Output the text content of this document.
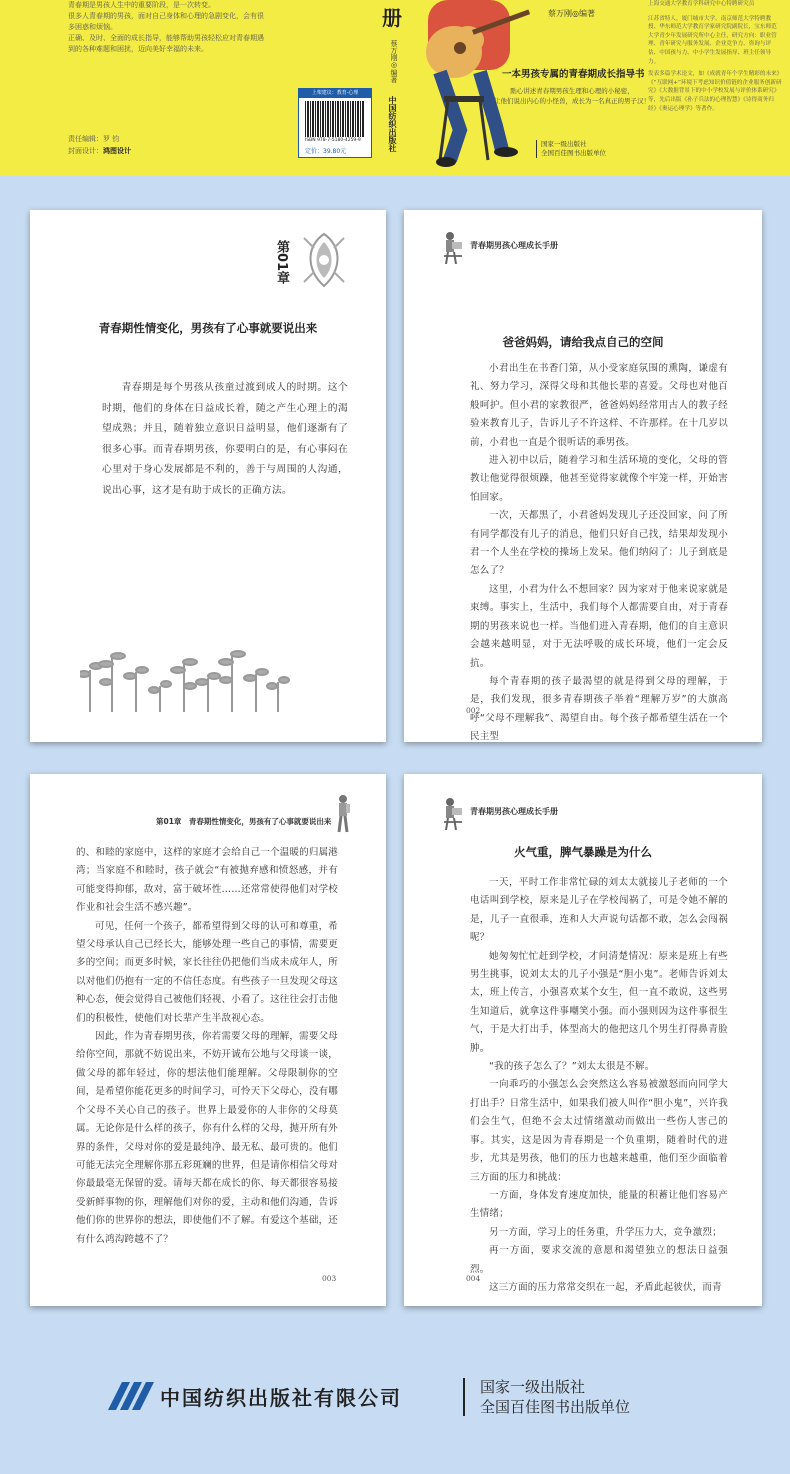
青春期是男孩人生中的重要阶段，是一次转变。
很多人青春期的男孩，面对自己身体和心理的急剧变化，会有很多困惑和烦恼。
正确、及时、全面的成长指导，能够帮助男孩轻松应对青春期遇到的各种难题和困扰，迈向美好幸福的未来。
责任编辑：罗 钧
封面设计：鸿图设计
上架建议：教育·心理
ISBN 978-7-5180-4259-9
定价：39.80元
册
蔡万刚◎编著
中国纺织出版社
蔡万刚◎编著
一本男孩专属的青春期成长指导书
點心讲述青春期男孩生理和心理的小秘密，
让他们说出内心的小怪兽，成长为一名真正的男子汉！
国家一级出版社
全国百佳图书出版单位
上海交通大学教育学科研究中心特聘研究员
江苏省特人，厦门城市大学、南京师范大学特聘教授、华东师范大学教育学家研究院副院长，宝东师范大学青少年发展研究所中心主任，研究方向：职业管理、青年研究与服务发展、企业竞争力、咨询与评估、中国孩与力、中小学生发展指导、班主任领导力。
发表多篇学术论文，如《成就青年个学生精彩的未来》《“互联网+”环境下考虑知识价值链的企业服务创新研究》《大数据背景下的中小学校发展与评价体系研究》等，先后出版《孙子兵法的心理智慧》《诗得商务归经》《奥运心理学》等著作。
第01章
青春期性情变化，男孩有了心事就要说出来

青春期是每个男孩从孩童过渡到成人的时期。这个时期，他们的身体在日益成长着，随之产生心理上的渴望成熟；并且，随着独立意识日益明显，他们逐渐有了很多心事。而青春期男孩，你要明白的是，有心事闷在心里对于身心发展都是不利的，善于与周围的人沟通，说出心事，这才是有助于成长的正确方法。

青春期男孩心理成长手册
爸爸妈妈，请给我点自己的空间

小君出生在书香门第，从小受家庭氛围的熏陶，谦虚有礼、努力学习，深得父母和其他长辈的喜爱。父母也对他百般呵护。但小君的家教很严，爸爸妈妈经常用古人的教子经验来教育儿子，告诉儿子不许这样、不许那样。在十几岁以前，小君也一直是个很听话的乖男孩。

进入初中以后，随着学习和生活环境的变化，父母的管教让他觉得很烦躁，他甚至觉得家就像个牢笼一样，开始害怕回家。

一次，天都黑了，小君爸妈发现儿子还没回家，问了所有同学都没有儿子的消息，他们只好自己找，结果却发现小君一个人坐在学校的操场上发呆。他们纳闷了：儿子到底是怎么了？

这里，小君为什么不想回家？因为家对于他来说家就是束缚。事实上，生活中，我们每个人都需要自由，对于青春期的男孩来说也一样。当他们进入青春期，他们的自主意识会越来越明显，对于无法呼吸的成长环境，他们一定会反抗。

每个青春期的孩子最渴望的就是得到父母的理解，于是，我们发现，很多青春期孩子举着“理解万岁”的大旗高呼“父母不理解我”、渴望自由。每个孩子都希望生活在一个民主型

002
第01章　青春期性情变化，男孩有了心事就要说出来

的、和睦的家庭中，这样的家庭才会给自己一个温暖的归属港湾；当家庭不和睦时，孩子就会“有被抛弃感和愤怒感，并有可能变得抑郁，敌对，富于破坏性……还常常使得他们对学校作业和社会生活不感兴趣”。

可见，任何一个孩子，都希望得到父母的认可和尊重，希望父母承认自己已经长大，能够处理一些自己的事情，需要更多的空间；而更多时候，家长往往仍把他们当成未成年人，所以对他们仍抱有一定的不信任态度。有些孩子一旦发现父母这种心态，便会觉得自己被他们轻视、小看了。这往往会打击他们的积极性，使他们对长辈产生半敌视心态。

因此，作为青春期男孩，你若需要父母的理解，需要父母给你空间，那就不妨说出来，不妨开诚布公地与父母谈一谈，做父母的都年轻过，你的想法他们能理解。父母限制你的空间，是希望你能花更多的时间学习，可怜天下父母心，没有哪个父母不关心自己的孩子。世界上最爱你的人非你的父母莫属。无论你是什么样的孩子，你有什么样的父母，抛开所有外界的条件，父母对你的爱是最纯净、最无私、最可贵的。他们可能无法完全理解你那五彩斑斓的世界，但是请你相信父母对你最最毫无保留的爱。请每天都在成长的你、每天都很容易接受新鲜事物的你，理解他们对你的爱，主动和他们沟通，告诉他们你的世界你的想法，即使他们不了解。有爱这个基础，还有什么鸿沟跨越不了？

003
青春期男孩心理成长手册
火气重，脾气暴躁是为什么

一天，平时工作非常忙碌的刘太太就接儿子老师的一个电话叫到学校，原来是儿子在学校闯祸了，可是令她不解的是，儿子一直很乖，连和人大声说句话都不敢，怎么会闯祸呢？

她匆匆忙忙赶到学校，才问清楚情况：原来是班上有些男生挑事，说刘太太的儿子小强是“胆小鬼”。老师告诉刘太太，班上传言，小强喜欢某个女生，但一直不敢说，这些男生知道后，就拿这件事嘲笑小强。而小强则因为这件事很生气，于是大打出手，体型高大的他把这几个男生打得鼻青脸肿。

“我的孩子怎么了？”刘太太很是不解。

一向乖巧的小强怎么会突然这么容易被激怒而向同学大打出手？日常生活中，如果我们被人叫作“胆小鬼”，兴许我们会生气，但绝不会太过情绪激动而做出一些伤人害己的事。其实，这是因为青春期是一个负重期，随着时代的进步，尤其是男孩，他们的压力也越来越重，他们至少面临着三方面的压力和挑战：

一方面，身体发育速度加快，能量的积蓄让他们容易产生情绪；

另一方面，学习上的任务重，升学压力大，竞争激烈；

再一方面，要求交流的意愿和渴望独立的想法日益强烈。

这三方面的压力常常交织在一起，矛盾此起彼伏，而青

004
中国纺织出版社有限公司	国家一级出版社
全国百佳图书出版单位
